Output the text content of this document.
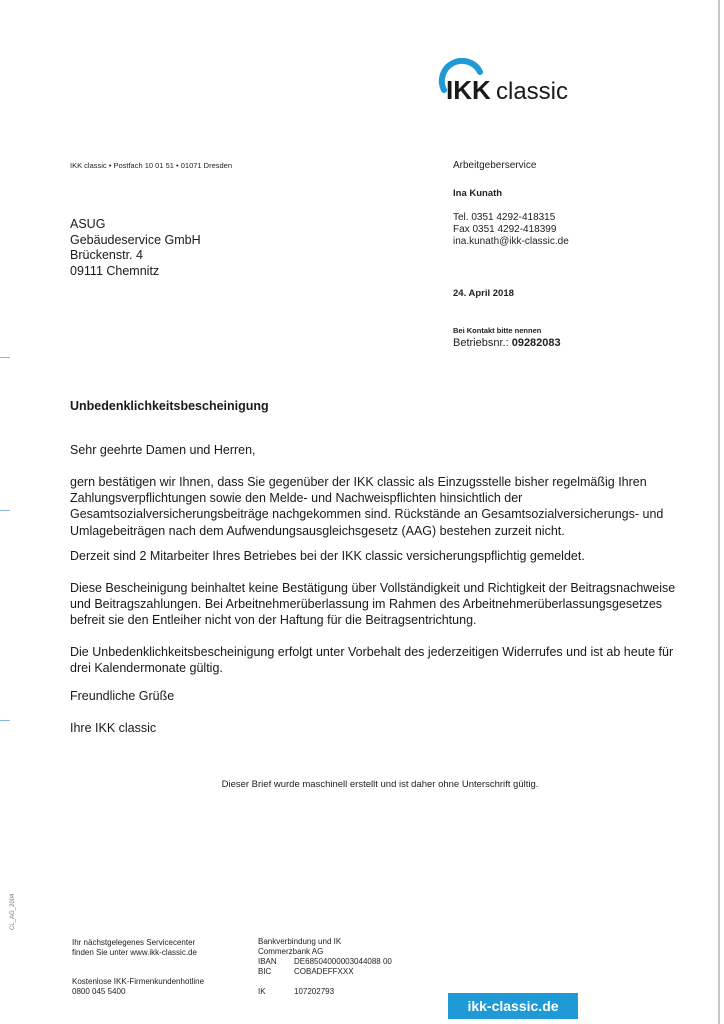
IKK classic
IKK classic • Postfach 10 01 51 • 01071 Dresden
ASUG
Gebäudeservice GmbH
Brückenstr. 4
09111 Chemnitz
Arbeitgeberservice
Ina Kunath
Tel. 0351 4292-418315
Fax 0351 4292-418399
ina.kunath@ikk-classic.de
24. April 2018
Bei Kontakt bitte nennen
Betriebsnr.: 09282083
Unbedenklichkeitsbescheinigung
Sehr geehrte Damen und Herren,
gern bestätigen wir Ihnen, dass Sie gegenüber der IKK classic als Einzugsstelle bisher regelmäßig Ihren Zahlungsverpflichtungen sowie den Melde- und Nachweispflichten hinsichtlich der Gesamtsozialversicherungsbeiträge nachgekommen sind. Rückstände an Gesamtsozialversicherungs- und Umlagebeiträgen nach dem Aufwendungsausgleichsgesetz (AAG) bestehen zurzeit nicht.
Derzeit sind 2 Mitarbeiter Ihres Betriebes bei der IKK classic versicherungspflichtig gemeldet.
Diese Bescheinigung beinhaltet keine Bestätigung über Vollständigkeit und Richtigkeit der Beitragsnachweise und Beitragszahlungen. Bei Arbeitnehmerüberlassung im Rahmen des Arbeitnehmerüberlassungsgesetzes befreit sie den Entleiher nicht von der Haftung für die Beitragsentrichtung.
Die Unbedenklichkeitsbescheinigung erfolgt unter Vorbehalt des jederzeitigen Widerrufes und ist ab heute für drei Kalendermonate gültig.
Freundliche Grüße
Ihre IKK classic
Dieser Brief wurde maschinell erstellt und ist daher ohne Unterschrift gültig.
CL_AG_2004
Ihr nächstgelegenes Servicecenter
finden Sie unter www.ikk-classic.de
Kostenlose IKK-Firmenkundenhotline
0800 045 5400
Bankverbindung und IK
Commerzbank AG
IBAN DE68504000003044088 00
BIC	COBADEFFXXX
IK	107202793
ikk-classic.de
